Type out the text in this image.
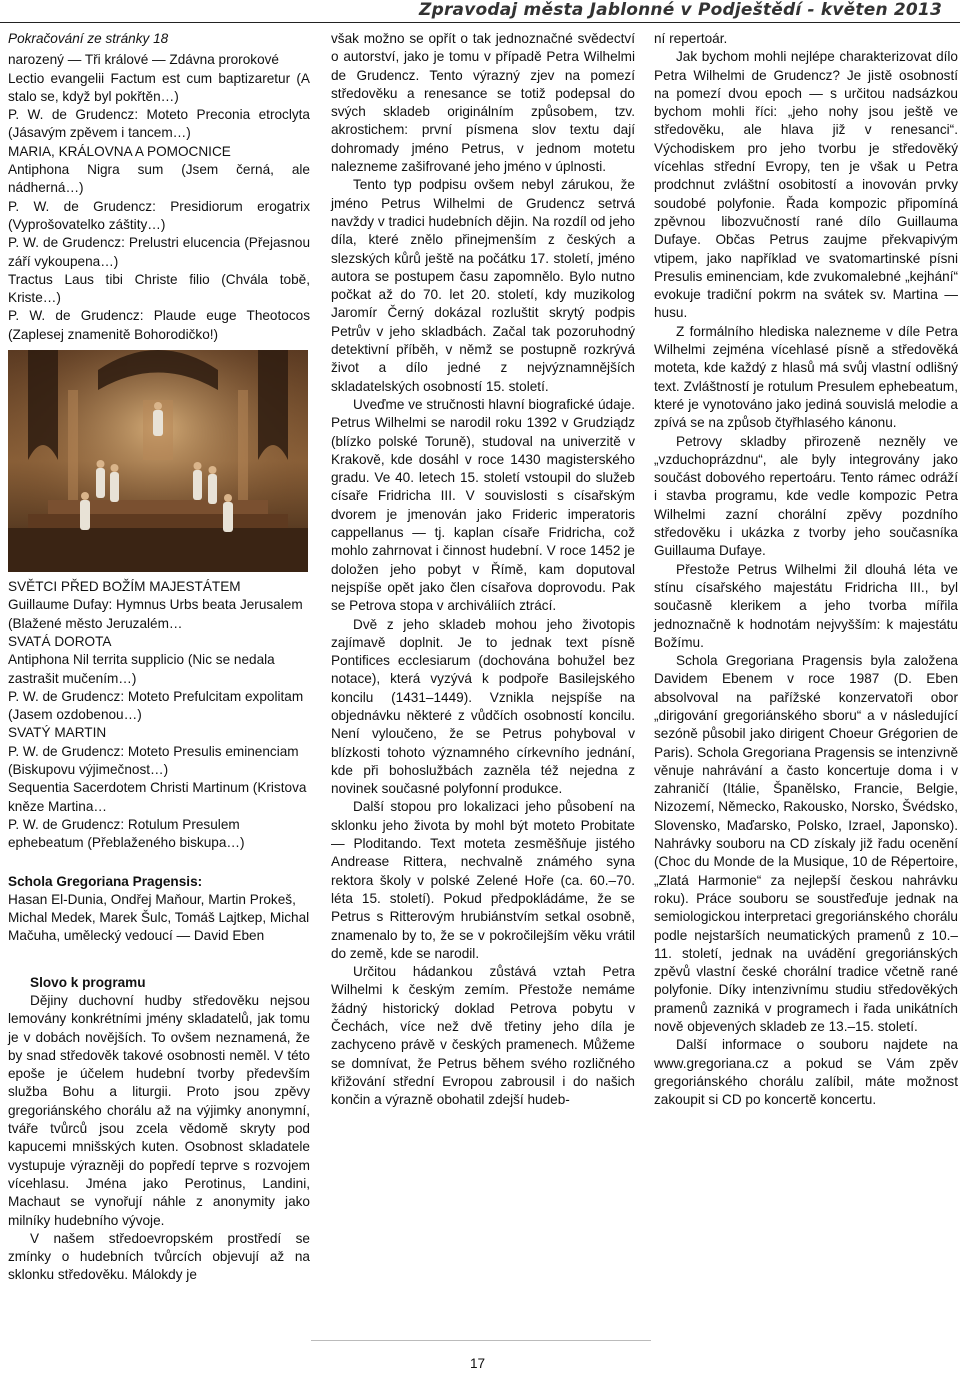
Zpravodaj města Jablonné v Podještědí - květen 2013

Pokračování ze stránky 18

narozený — Tři králové — Zdávna prorokové

Lectio evangelii Factum est cum baptizaretur (A stalo se, když byl pokřtěn…)

P. W. de Grudencz: Moteto Preconia etroclyta (Jásavým zpěvem i tancem…)

MARIA, KRÁLOVNA A POMOCNICE

Antiphona Nigra sum (Jsem černá, ale nádherná…)

P. W. de Grudencz: Presidiorum erogatrix (Vyprošovatelko záštity…)

P. W. de Grudencz: Prelustri elucencia (Přejasnou září vykoupena…)

Tractus Laus tibi Christe filio (Chvála tobě, Kriste…)

P. W. de Grudencz: Plaude euge Theotocos (Zaplesej znamenitě Bohorodičko!)

SVĚTCI PŘED BOŽÍM MAJESTÁTEM

Guillaume Dufay: Hymnus Urbs beata Jerusalem (Blažené město Jeruzalém…

SVATÁ DOROTA

Antiphona Nil territa supplicio (Nic se nedala zastrašit mučením…)

P. W. de Grudencz: Moteto Prefulcitam expolitam (Jasem ozdobenou…)

SVATÝ MARTIN

P. W. de Grudencz: Moteto Presulis eminenciam (Biskupovu výjimečnost…)

Sequentia Sacerdotem Christi Martinum (Kristova kněze Martina…

P. W. de Grudencz: Rotulum Presulem ephebeatum (Přeblaženého biskupa…)

Schola Gregoriana Pragensis:

Hasan El-Dunia, Ondřej Maňour, Martin Prokeš, Michal Medek, Marek Šulc, Tomáš Lajtkep, Michal Mačuha, umělecký vedoucí — David Eben

Slovo k programu

Dějiny duchovní hudby středověku nejsou lemovány konkrétními jmény skladatelů, jak tomu je v dobách novějších. To ovšem neznamená, že by snad středověk takové osobnosti neměl. V této epoše je účelem hudební tvorby především služba Bohu a liturgii. Proto jsou zpěvy gregoriánského chorálu až na výjimky anonymní, tváře tvůrců jsou zcela vědomě skryty pod kapucemi mnišských kuten. Osobnost skladatele vystupuje výrazněji do popředí teprve s rozvojem vícehlasu. Jména jako Perotinus, Landini, Machaut se vynořují náhle z anonymity jako milníky hudebního vývoje.

V našem středoevropském prostředí se zmínky o hudebních tvůrcích objevují až na sklonku středověku. Málokdy je

však možno se opřít o tak jednoznačné svědectví o autorství, jako je tomu v případě Petra Wilhelmi de Grudencz. Tento výrazný zjev na pomezí středověku a renesance se totiž podepsal do svých skladeb originálním způsobem, tzv. akrostichem: první písmena slov textu dají dohromady jméno Petrus, v jednom motetu nalezneme zašifrované jeho jméno v úplnosti.

Tento typ podpisu ovšem nebyl zárukou, že jméno Petrus Wilhelmi de Grudencz setrvá navždy v tradici hudebních dějin. Na rozdíl od jeho díla, které znělo přinejmenším z českých a slezských kůrů ještě na počátku 17. století, jméno autora se postupem času zapomnělo. Bylo nutno počkat až do 70. let 20. století, kdy muzikolog Jaromír Černý dokázal rozluštit skrytý podpis Petrův v jeho skladbách. Začal tak pozoruhodný detektivní příběh, v němž se postupně rozkrývá život a dílo jedné z nejvýznamnějších skladatelských osobností 15. století.

Uveďme ve stručnosti hlavní biografické údaje. Petrus Wilhelmi se narodil roku 1392 v Grudziądz (blízko polské Toruně), studoval na univerzitě v Krakově, kde dosáhl v roce 1430 magisterského gradu. Ve 40. letech 15. století vstoupil do služeb císaře Fridricha III. V souvislosti s císařským dvorem je jmenován jako Frideric imperatoris cappellanus — tj. kaplan císaře Fridricha, což mohlo zahrnovat i činnost hudební. V roce 1452 je doložen jeho pobyt v Římě, kam doputoval nejspíše opět jako člen císařova doprovodu. Pak se Petrova stopa v archiváliích ztrácí.

Dvě z jeho skladeb mohou jeho životopis zajímavě doplnit. Je to jednak text písně Pontifices ecclesiarum (dochována bohužel bez notace), která vyzývá k podpoře Basilejského koncilu (1431–1449). Vznikla nejspíše na objednávku některé z vůdčích osobností koncilu. Není vyloučeno, že se Petrus pohyboval v blízkosti tohoto významného církevního jednání, kde při bohoslužbách zazněla též nejedna z novinek současné polyfonní produkce.

Další stopou pro lokalizaci jeho působení na sklonku jeho života by mohl být moteto Probitate — Ploditando. Text moteta zesměšňuje jistého Andrease Rittera, nechvalně známého syna rektora školy v polské Zelené Hoře (ca. 60.–70. léta 15. století). Pokud předpokládáme, že se Petrus s Ritterovým hrubiánstvím setkal osobně, znamenalo by to, že se v pokročilejším věku vrátil do země, kde se narodil.

Určitou hádankou zůstává vztah Petra Wilhelmi k českým zemím. Přestože nemáme žádný historický doklad Petrova pobytu v Čechách, více než dvě třetiny jeho díla je zachyceno právě v českých pramenech. Můžeme se domnívat, že Petrus během svého rozličného křižování střední Evropou zabrousil i do našich končin a výrazně obohatil zdejší hudeb-

ní repertoár.

Jak bychom mohli nejlépe charakterizovat dílo Petra Wilhelmi de Grudencz? Je jistě osobností na pomezí dvou epoch — s určitou nadsázkou bychom mohli říci: „jeho nohy jsou ještě ve středověku, ale hlava již v renesanci“. Východiskem pro jeho tvorbu je středověký vícehlas střední Evropy, ten je však u Petra prodchnut zvláštní osobitostí a inovován prvky soudobé polyfonie. Řada kompozic připomíná zpěvnou libozvučností rané dílo Guillauma Dufaye. Občas Petrus zaujme překvapivým vtipem, jako například ve svatomartinské písni Presulis eminenciam, kde zvukomalebné „kejhání“ evokuje tradiční pokrm na svátek sv. Martina — husu.

Z formálního hlediska nalezneme v díle Petra Wilhelmi zejména vícehlasé písně a středověká moteta, kde každý z hlasů má svůj vlastní odlišný text. Zvláštností je rotulum Presulem ephebeatum, které je vynotováno jako jediná souvislá melodie a zpívá se na způsob čtyřhlasého kánonu.

Petrovy skladby přirozeně nezněly ve „vzduchoprázdnu“, ale byly integrovány jako součást dobového repertoáru. Tento rámec odráží i stavba programu, kde vedle kompozic Petra Wilhelmi zazní chorální zpěvy pozdního středověku i ukázka z tvorby jeho současníka Guillauma Dufaye.

Přestože Petrus Wilhelmi žil dlouhá léta ve stínu císařského majestátu Fridricha III., byl současně klerikem a jeho tvorba mířila jednoznačně k hodnotám nejvyšším: k majestátu Božímu.

Schola Gregoriana Pragensis byla založena Davidem Ebenem v roce 1987 (D. Eben absolvoval na pařížské konzervatoři obor „dirigování gregoriánského sboru“ a v následující sezóně působil jako dirigent Choeur Grégorien de Paris). Schola Gregoriana Pragensis se intenzivně věnuje nahrávání a často koncertuje doma i v zahraničí (Itálie, Španělsko, Francie, Belgie, Nizozemí, Německo, Rakousko, Norsko, Švédsko, Slovensko, Maďarsko, Polsko, Izrael, Japonsko). Nahrávky souboru na CD získaly již řadu ocenění (Choc du Monde de la Musique, 10 de Répertoire, „Zlatá Harmonie“ za nejlepší českou nahrávku roku). Práce souboru se soustřeďuje jednak na semiologickou interpretaci gregoriánského chorálu podle nejstarších neumatických pramenů z 10.–11. století, jednak na uvádění gregoriánských zpěvů vlastní české chorální tradice včetně rané polyfonie. Díky intenzivnímu studiu středověkých pramenů zazniká v programech i řada unikátních nově objevených skladeb ze 13.–15. století.

Další informace o souboru najdete na www.gregoriana.cz a pokud se Vám zpěv gregoriánského chorálu zalíbil, máte možnost zakoupit si CD po koncertě koncertu.

17
